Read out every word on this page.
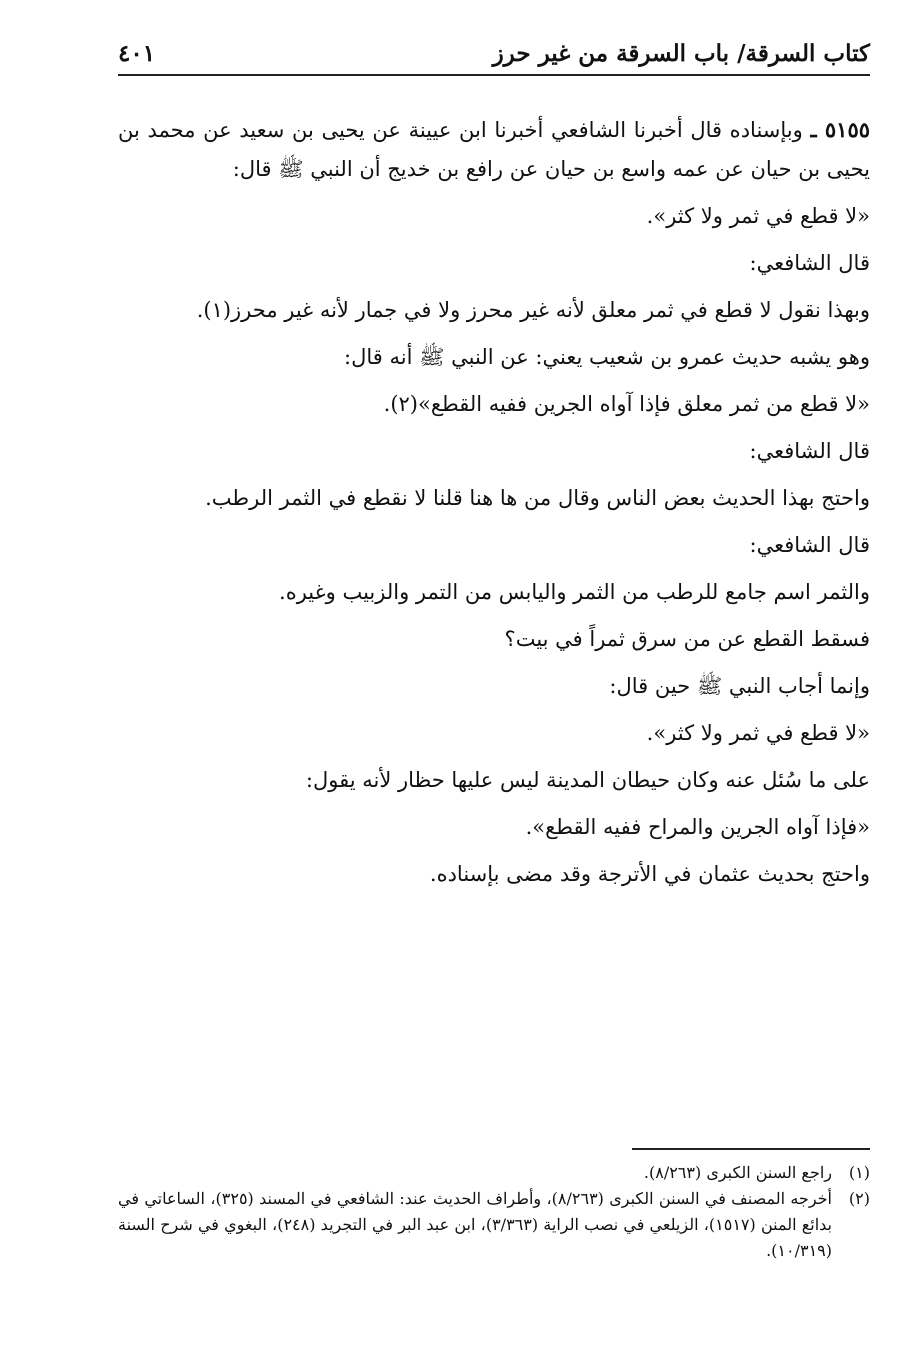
كتاب السرقة/ باب السرقة من غير حرز
٤٠١

٥١٥٥ ـ وبإسناده قال أخبرنا الشافعي أخبرنا ابن عيينة عن يحيى بن سعيد عن محمد بن يحيى بن حيان عن عمه واسع بن حيان عن رافع بن خديج أن النبي ﷺ قال:

«لا قطع في ثمر ولا كثر».

قال الشافعي:

وبهذا نقول لا قطع في ثمر معلق لأنه غير محرز ولا في جمار لأنه غير محرز(١).

وهو يشبه حديث عمرو بن شعيب يعني: عن النبي ﷺ أنه قال:

«لا قطع من ثمر معلق فإذا آواه الجرين ففيه القطع»(٢).

قال الشافعي:

واحتج بهذا الحديث بعض الناس وقال من ها هنا قلنا لا نقطع في الثمر الرطب.

قال الشافعي:

والثمر اسم جامع للرطب من الثمر واليابس من التمر والزبيب وغيره.

فسقط القطع عن من سرق ثمراً في بيت؟

وإنما أجاب النبي ﷺ حين قال:

«لا قطع في ثمر ولا كثر».

على ما سُئل عنه وكان حيطان المدينة ليس عليها حظار لأنه يقول:

«فإذا آواه الجرين والمراح ففيه القطع».

واحتج بحديث عثمان في الأترجة وقد مضى بإسناده.

(١)
راجع السنن الكبرى (٨/٢٦٣).
(٢)
أخرجه المصنف في السنن الكبرى (٨/٢٦٣)، وأطراف الحديث عند: الشافعي في المسند (٣٢٥)، الساعاتي في بدائع المنن (١٥١٧)، الزيلعي في نصب الراية (٣/٣٦٣)، ابن عبد البر في التجريد (٢٤٨)، البغوي في شرح السنة (١٠/٣١٩).
